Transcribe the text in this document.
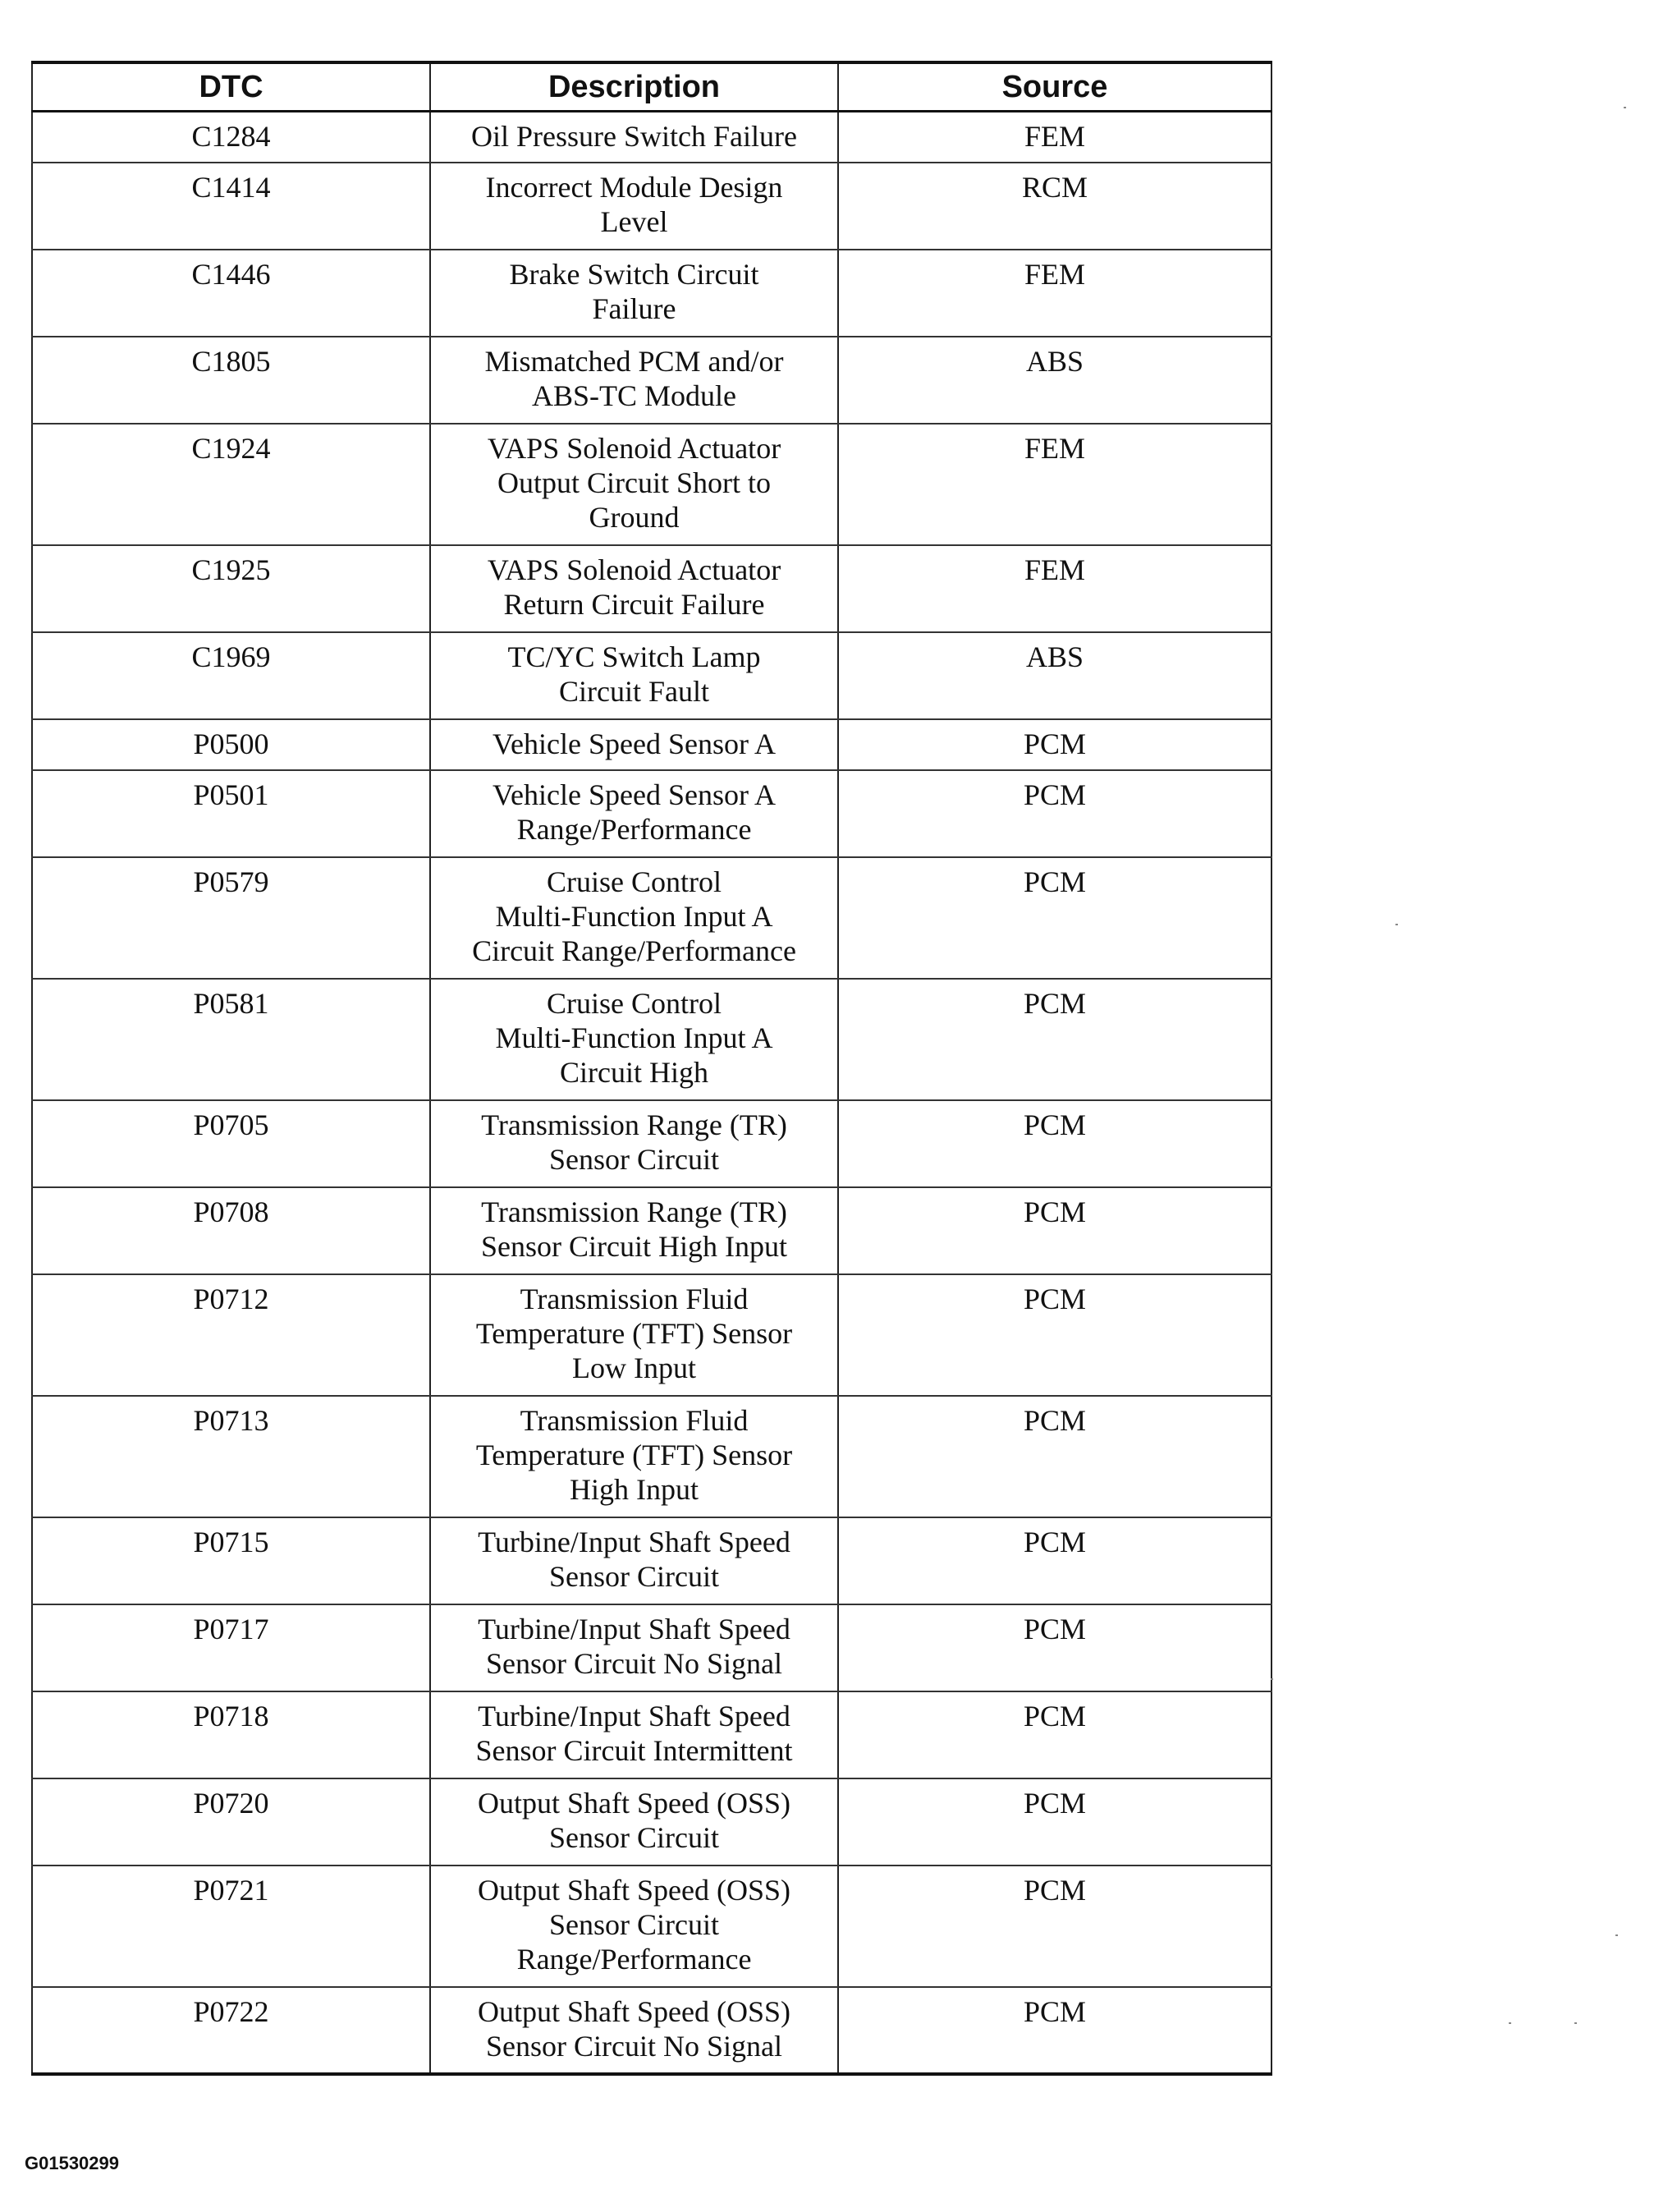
DTC	Description	Source
C1284	Oil Pressure Switch Failure	FEM
C1414	Incorrect Module Design
Level	RCM
C1446	Brake Switch Circuit
Failure	FEM
C1805	Mismatched PCM and/or
ABS-TC Module	ABS
C1924	VAPS Solenoid Actuator
Output Circuit Short to
Ground	FEM
C1925	VAPS Solenoid Actuator
Return Circuit Failure	FEM
C1969	TC/YC Switch Lamp
Circuit Fault	ABS
P0500	Vehicle Speed Sensor A	PCM
P0501	Vehicle Speed Sensor A
Range/Performance	PCM
P0579	Cruise Control
Multi-Function Input A
Circuit Range/Performance	PCM
P0581	Cruise Control
Multi-Function Input A
Circuit High	PCM
P0705	Transmission Range (TR)
Sensor Circuit	PCM
P0708	Transmission Range (TR)
Sensor Circuit High Input	PCM
P0712	Transmission Fluid
Temperature (TFT) Sensor
Low Input	PCM
P0713	Transmission Fluid
Temperature (TFT) Sensor
High Input	PCM
P0715	Turbine/Input Shaft Speed
Sensor Circuit	PCM
P0717	Turbine/Input Shaft Speed
Sensor Circuit No Signal	PCM
P0718	Turbine/Input Shaft Speed
Sensor Circuit Intermittent	PCM
P0720	Output Shaft Speed (OSS)
Sensor Circuit	PCM
P0721	Output Shaft Speed (OSS)
Sensor Circuit
Range/Performance	PCM
P0722	Output Shaft Speed (OSS)
Sensor Circuit No Signal	PCM
G01530299
